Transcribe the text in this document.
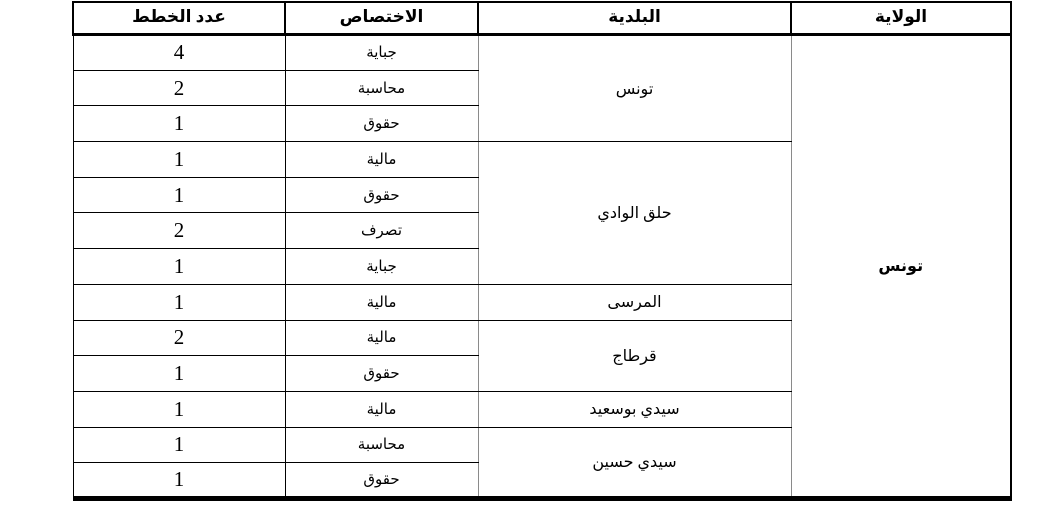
عدد الخطط	الاختصاص	البلدية	الولاية
4	جباية	تونس	تونس
2	محاسبة		
1	حقوق		
1	مالية	حلق الوادي	
1	حقوق		
2	تصرف		
1	جباية		
1	مالية	المرسى	
2	مالية	قرطاج	
1	حقوق		
1	مالية	سيدي بوسعيد	
1	محاسبة	سيدي حسين	
1	حقوق		
